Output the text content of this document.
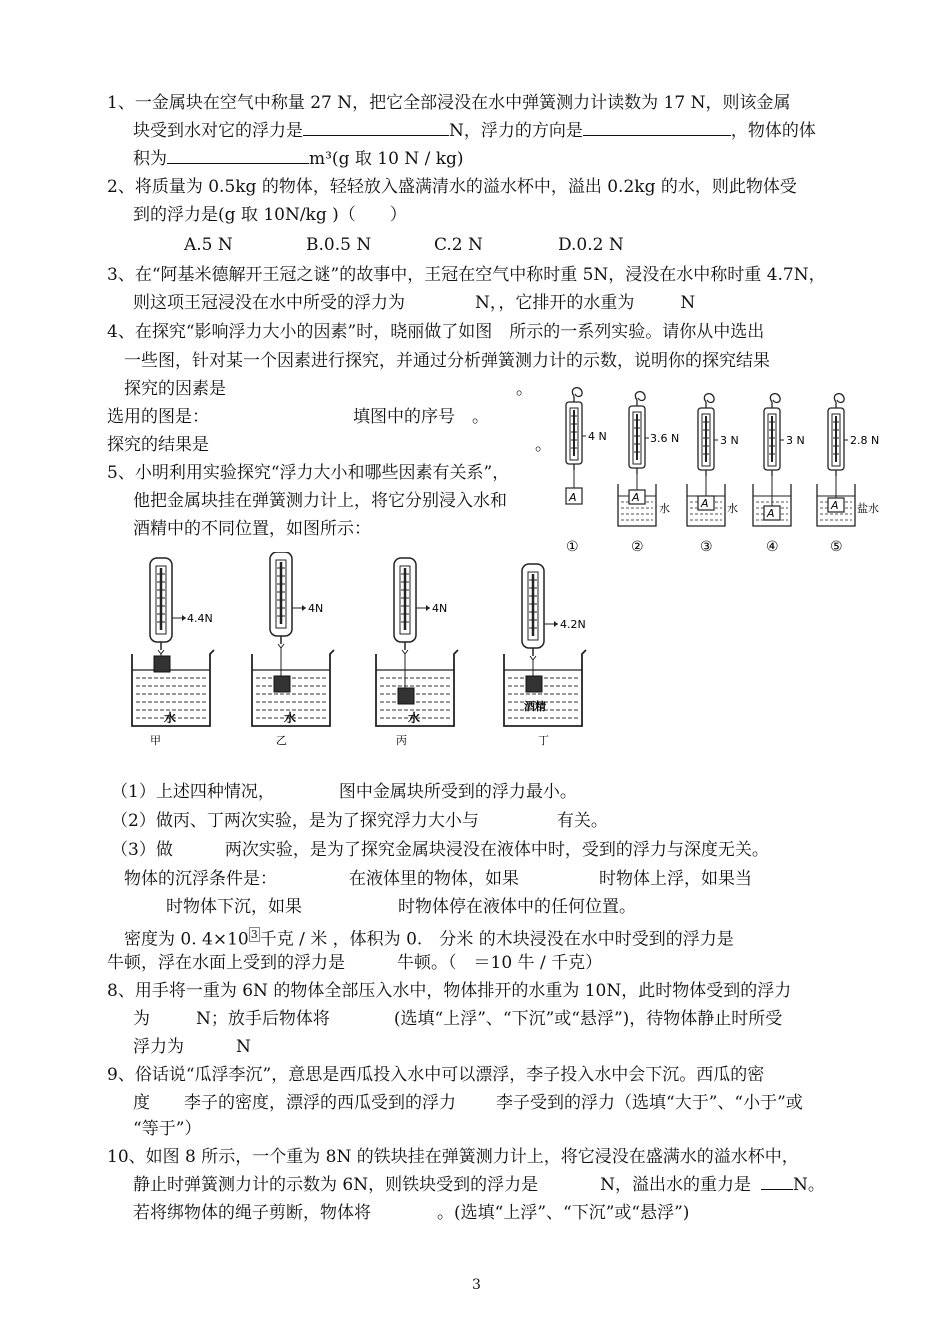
1、一金属块在空气中称量 27 N，把它全部浸没在水中弹簧测力计读数为 17 N，则该金属
块受到水对它的浮力是	N，浮力的方向是	，物体的体
积为	m³(g 取 10 N / kg)
2、将质量为 0.5kg 的物体，轻轻放入盛满清水的溢水杯中，溢出 0.2kg 的水，则此物体受
到的浮力是(g 取 10N/kg )（　　）
A.5 N	B.0.5 N	C.2 N	D.0.2 N
3、在“阿基米德解开王冠之谜”的故事中，王冠在空气中称时重 5N，浸没在水中称时重 4.7N，
则这项王冠浸没在水中所受的浮力为	N，，它排开的水重为	N
4、在探究“影响浮力大小的因素”时，晓丽做了如图　所示的一系列实验。请你从中选出
一些图，针对某一个因素进行探究，并通过分析弹簧测力计的示数，说明你的探究结果
探究的因素是	。
选用的图是：	填图中的序号　。
探究的结果是	。
A
4 N
①
A
3.6 N
水
②
A
3 N
水
③
A
3 N
④
A
2.8 N
盐水
⑤
5、小明利用实验探究“浮力大小和哪些因素有关系”，
他把金属块挂在弹簧测力计上，将它分别浸入水和
酒精中的不同位置，如图所示：
4.4N
水
甲
4N
水
乙
4N
水
丙
4.2N
酒精
丁
（1）上述四种情况，	图中金属块所受到的浮力最小。
（2）做丙、丁两次实验，是为了探究浮力大小与	有关。
（3）做	两次实验，是为了探究金属块浸没在液体中时，受到的浮力与深度无关。
物体的沉浮条件是：	在液体里的物体，如果	时物体上浮，如果当
时物体下沉，如果	时物体停在液体中的任何位置。
密度为 0. 4×10 $^3$ 千克 / 米 ，体积为 0.　分米 的木块浸没在水中时受到的浮力是
牛顿，浮在水面上受到的浮力是	牛顿。（　＝10 牛 / 千克）
8、用手将一重为 6N 的物体全部压入水中，物体排开的水重为 10N，此时物体受到的浮力
为	N；放手后物体将	(选填“上浮”、“下沉”或“悬浮”)，待物体静止时所受
浮力为	N
9、俗话说“瓜浮李沉”，意思是西瓜投入水中可以漂浮，李子投入水中会下沉。西瓜的密
度 李子的密度，漂浮的西瓜受到的浮力 李子受到的浮力（选填“大于”、“小于”或
“等于”）
10、如图 8 所示，一个重为 8N 的铁块挂在弹簧测力计上，将它浸没在盛满水的溢水杯中，
静止时弹簧测力计的示数为 6N，则铁块受到的浮力是	N，溢出水的重力是 N。
若将绑物体的绳子剪断，物体将	。(选填“上浮”、“下沉”或“悬浮”)
3
